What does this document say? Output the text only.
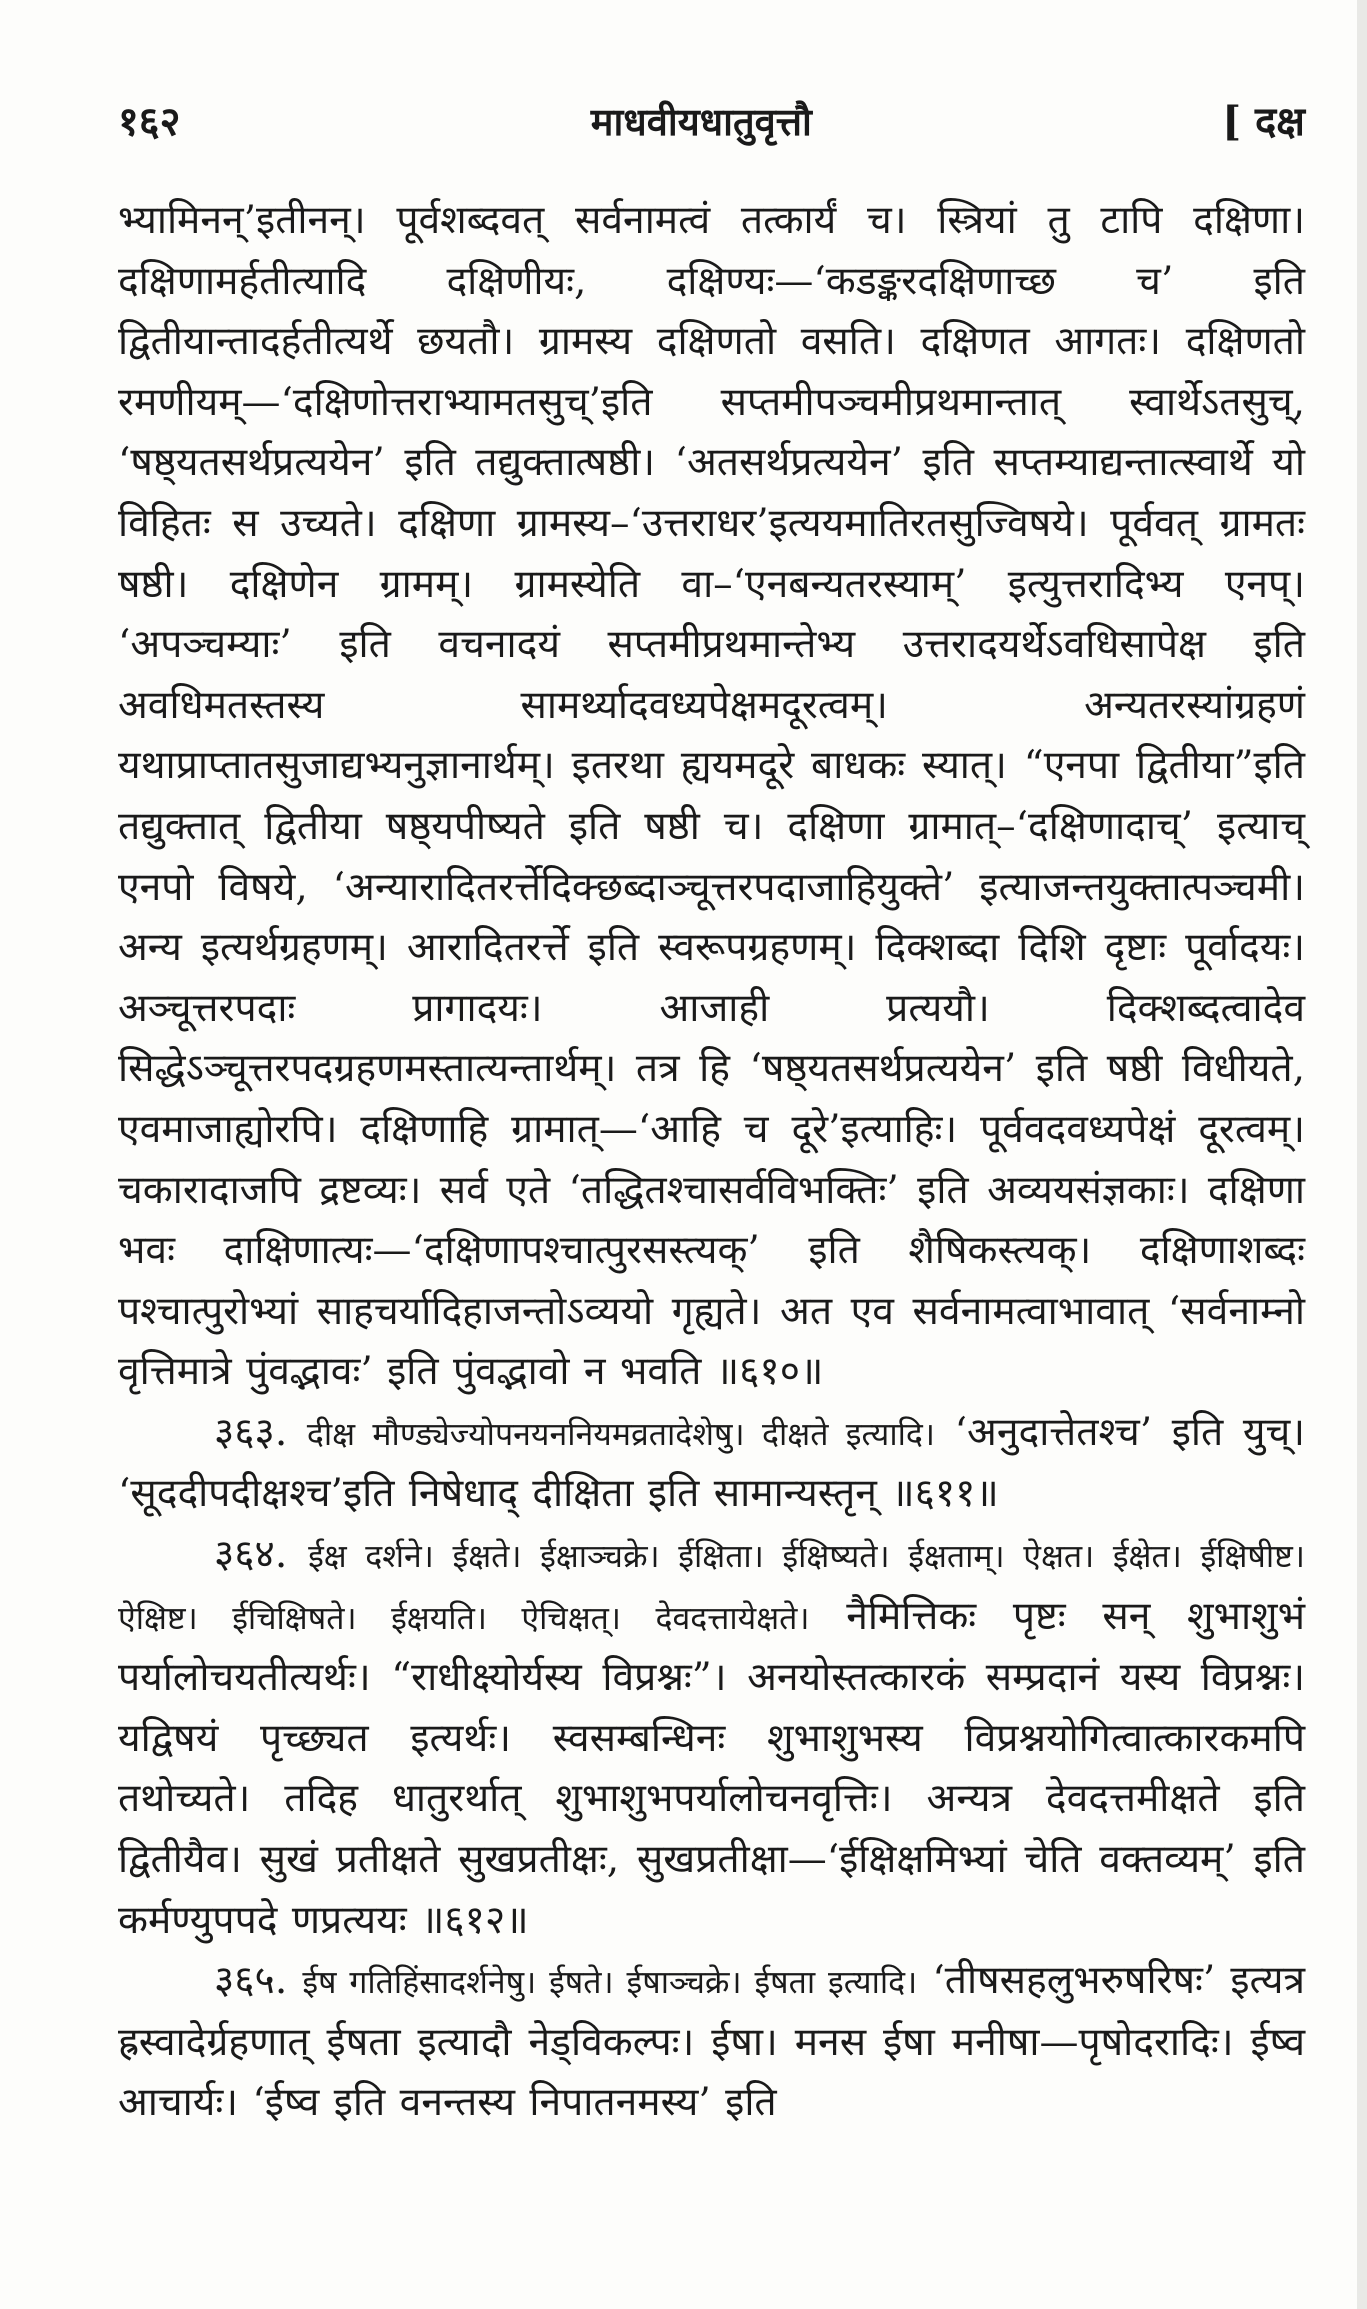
१६२	माधवीयधातुवृत्तौ	[ दक्ष

भ्यामिनन्’इतीनन्। पूर्वशब्दवत् सर्वनामत्वं तत्कार्यं च। स्त्रियां तु टापि दक्षिणा। दक्षिणामर्हतीत्यादि दक्षिणीयः, दक्षिण्यः—‘कडङ्करदक्षिणाच्छ च’ इति द्वितीयान्तादर्हतीत्यर्थे छयतौ। ग्रामस्य दक्षिणतो वसति। दक्षिणत आगतः। दक्षिणतो रमणीयम्—‘दक्षिणोत्तराभ्यामतसुच्’इति सप्तमीपञ्चमीप्रथमान्तात् स्वार्थेऽतसुच्, ‘षष्ठ्यतसर्थप्रत्ययेन’ इति तद्युक्तात्षष्ठी। ‘अतसर्थप्रत्ययेन’ इति सप्तम्याद्यन्तात्स्वार्थे यो विहितः स उच्यते। दक्षिणा ग्रामस्य–‘उत्तराधर’इत्ययमातिरतसुज्विषये। पूर्ववत् ग्रामतः षष्ठी। दक्षिणेन ग्रामम्। ग्रामस्येति वा–‘एनबन्यतरस्याम्’ इत्युत्तरादिभ्य एनप्। ‘अपञ्चम्याः’ इति वचनादयं सप्तमीप्रथमान्तेभ्य उत्तरादयर्थेऽवधिसापेक्ष इति अवधिमतस्तस्य सामर्थ्यादवध्यपेक्षमदूरत्वम्। अन्यतरस्यांग्रहणं यथाप्राप्तातसुजाद्यभ्यनुज्ञानार्थम्। इतरथा ह्ययमदूरे बाधकः स्यात्। “एनपा द्वितीया”इति तद्युक्तात् द्वितीया षष्ठ्यपीष्यते इति षष्ठी च। दक्षिणा ग्रामात्–‘दक्षिणादाच्’ इत्याच् एनपो विषये, ‘अन्यारादितरर्त्तेदिक्छब्दाञ्चूत्तरपदाजाहियुक्ते’ इत्याजन्तयुक्तात्पञ्चमी। अन्य इत्यर्थग्रहणम्। आरादितरर्त्ते इति स्वरूपग्रहणम्। दिक्शब्दा दिशि दृष्टाः पूर्वादयः। अञ्चूत्तरपदाः प्रागादयः। आजाही प्रत्ययौ। दिक्शब्दत्वादेव सिद्धेऽञ्चूत्तरपदग्रहणमस्तात्यन्तार्थम्। तत्र हि ‘षष्ठ्यतसर्थप्रत्ययेन’ इति षष्ठी विधीयते, एवमाजाह्योरपि। दक्षिणाहि ग्रामात्—‘आहि च दूरे’इत्याहिः। पूर्ववदवध्यपेक्षं दूरत्वम्। चकारादाजपि द्रष्टव्यः। सर्व एते ‘तद्धितश्चासर्वविभक्तिः’ इति अव्ययसंज्ञकाः। दक्षिणा भवः दाक्षिणात्यः—‘दक्षिणापश्चात्पुरसस्त्यक्’ इति शैषिकस्त्यक्। दक्षिणाशब्दः पश्चात्पुरोभ्यां साहचर्यादिहाजन्तोऽव्ययो गृह्यते। अत एव सर्वनामत्वाभावात् ‘सर्वनाम्नो वृत्तिमात्रे पुंवद्भावः’ इति पुंवद्भावो न भवति ॥६१०॥

३६३. दीक्ष मौण्ड्येज्योपनयननियमव्रतादेशेषु। दीक्षते इत्यादि। ‘अनुदात्तेतश्च’ इति युच्। ‘सूददीपदीक्षश्च’इति निषेधाद् दीक्षिता इति सामान्यस्तृन् ॥६११॥

३६४. ईक्ष दर्शने। ईक्षते। ईक्षाञ्चक्रे। ईक्षिता। ईक्षिष्यते। ईक्षताम्। ऐक्षत। ईक्षेत। ईक्षिषीष्ट। ऐक्षिष्ट। ईचिक्षिषते। ईक्षयति। ऐचिक्षत्। देवदत्तायेक्षते। नैमित्तिकः पृष्टः सन् शुभाशुभं पर्यालोचयतीत्यर्थः। “राधीक्ष्योर्यस्य विप्रश्नः”। अनयोस्तत्कारकं सम्प्रदानं यस्य विप्रश्नः। यद्विषयं पृच्छ्यत इत्यर्थः। स्वसम्बन्धिनः शुभाशुभस्य विप्रश्नयोगित्वात्कारकमपि तथोच्यते। तदिह धातुरर्थात् शुभाशुभपर्यालोचनवृत्तिः। अन्यत्र देवदत्तमीक्षते इति द्वितीयैव। सुखं प्रतीक्षते सुखप्रतीक्षः, सुखप्रतीक्षा—‘ईक्षिक्षमिभ्यां चेति वक्तव्यम्’ इति कर्मण्युपपदे णप्रत्ययः ॥६१२॥

३६५. ईष गतिहिंसादर्शनेषु। ईषते। ईषाञ्चक्रे। ईषता इत्यादि। ‘तीषसहलुभरुषरिषः’ इत्यत्र ह्रस्वादेर्ग्रहणात् ईषता इत्यादौ नेड्विकल्पः। ईषा। मनस ईषा मनीषा—पृषोदरादिः। ईष्व आचार्यः। ‘ईष्व इति वनन्तस्य निपातनमस्य’ इति
